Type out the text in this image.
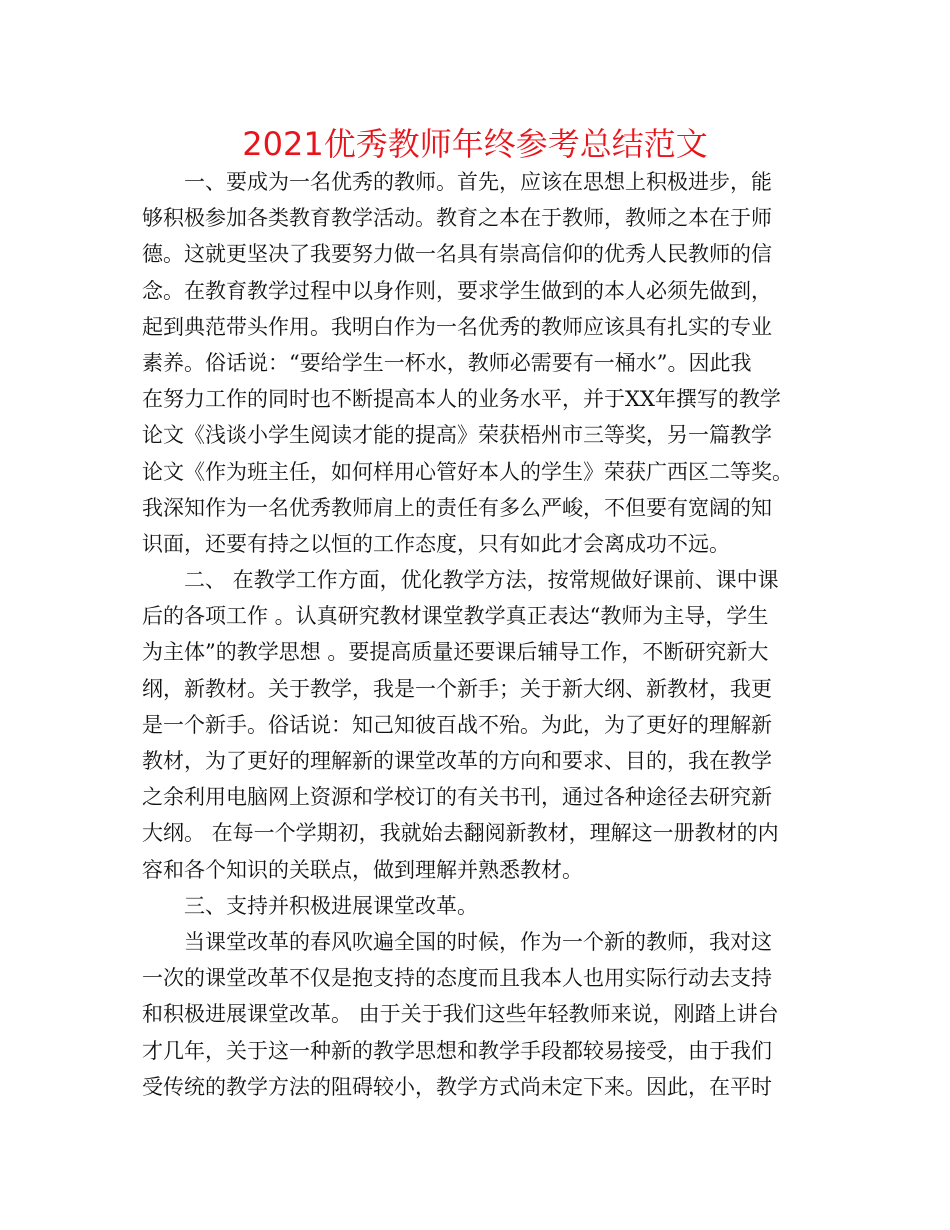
2021优秀教师年终参考总结范文
一、要成为一名优秀的教师。首先，应该在思想上积极进步，能
够积极参加各类教育教学活动。教育之本在于教师，教师之本在于师
德。这就更坚决了我要努力做一名具有崇高信仰的优秀人民教师的信
念。在教育教学过程中以身作则，要求学生做到的本人必须先做到，
起到典范带头作用。我明白作为一名优秀的教师应该具有扎实的专业
素养。俗话说：“要给学生一杯水，教师必需要有一桶水”。因此我
在努力工作的同时也不断提高本人的业务水平，并于XX年撰写的教学
论文《浅谈小学生阅读才能的提高》荣获梧州市三等奖，另一篇教学
论文《作为班主任，如何样用心管好本人的学生》荣获广西区二等奖。
我深知作为一名优秀教师肩上的责任有多么严峻，不但要有宽阔的知
识面，还要有持之以恒的工作态度，只有如此才会离成功不远。
二、 在教学工作方面，优化教学方法，按常规做好课前、课中课
后的各项工作 。认真研究教材课堂教学真正表达“教师为主导，学生
为主体”的教学思想 。要提高质量还要课后辅导工作，不断研究新大
纲，新教材。关于教学，我是一个新手；关于新大纲、新教材，我更
是一个新手。俗话说：知己知彼百战不殆。为此，为了更好的理解新
教材，为了更好的理解新的课堂改革的方向和要求、目的，我在教学
之余利用电脑网上资源和学校订的有关书刊，通过各种途径去研究新
大纲。 在每一个学期初，我就始去翻阅新教材，理解这一册教材的内
容和各个知识的关联点，做到理解并熟悉教材。
三、支持并积极进展课堂改革。
当课堂改革的春风吹遍全国的时候，作为一个新的教师，我对这
一次的课堂改革不仅是抱支持的态度而且我本人也用实际行动去支持
和积极进展课堂改革。 由于关于我们这些年轻教师来说，刚踏上讲台
才几年，关于这一种新的教学思想和教学手段都较易接受，由于我们
受传统的教学方法的阻碍较小，教学方式尚未定下来。因此，在平时
